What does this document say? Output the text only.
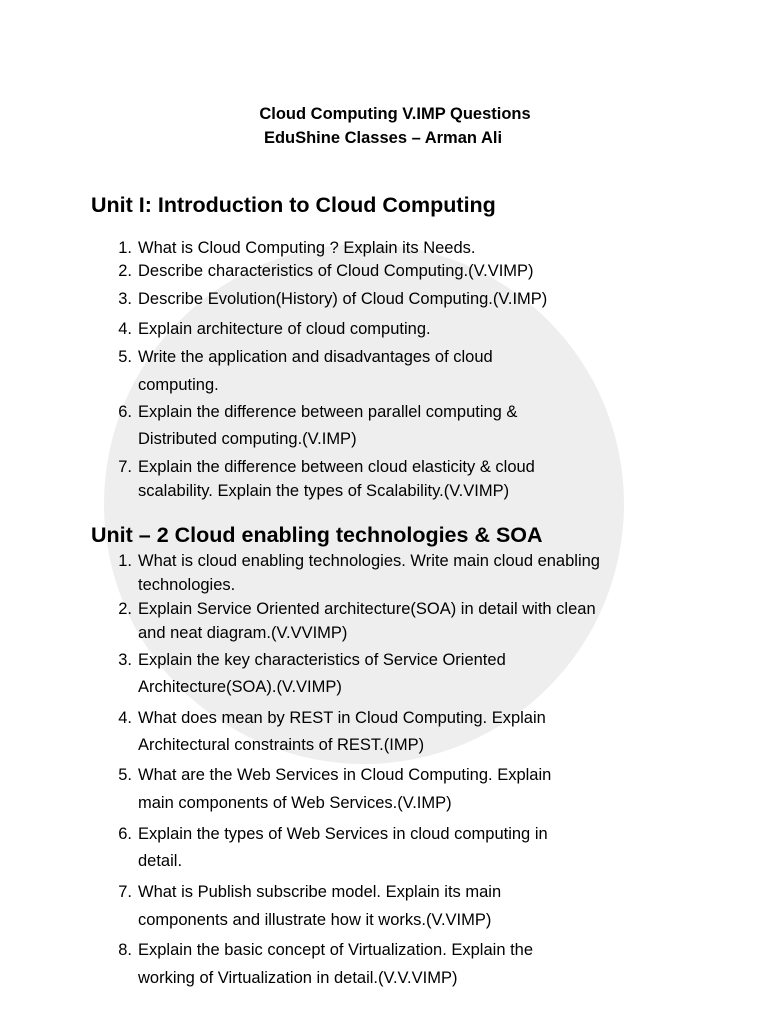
Cloud Computing V.IMP Questions
EduShine Classes – Arman Ali
Unit I: Introduction to Cloud Computing
1. What is Cloud Computing ? Explain its Needs.
2. Describe characteristics of Cloud Computing.(V.VIMP)
3. Describe Evolution(History) of Cloud Computing.(V.IMP)
4. Explain architecture of cloud computing.
5. Write the application and disadvantages of cloud
computing.
6. Explain the difference between parallel computing &
Distributed computing.(V.IMP)
7. Explain the difference between cloud elasticity & cloud
scalability. Explain the types of Scalability.(V.VIMP)
Unit – 2 Cloud enabling technologies & SOA
1. What is cloud enabling technologies. Write main cloud enabling
technologies.
2. Explain Service Oriented architecture(SOA) in detail with clean
and neat diagram.(V.VVIMP)
3. Explain the key characteristics of Service Oriented
Architecture(SOA).(V.VIMP)
4. What does mean by REST in Cloud Computing. Explain
Architectural constraints of REST.(IMP)
5. What are the Web Services in Cloud Computing. Explain
main components of Web Services.(V.IMP)
6. Explain the types of Web Services in cloud computing in
detail.
7. What is Publish subscribe model. Explain its main
components and illustrate how it works.(V.VIMP)
8. Explain the basic concept of Virtualization. Explain the
working of Virtualization in detail.(V.V.VIMP)
